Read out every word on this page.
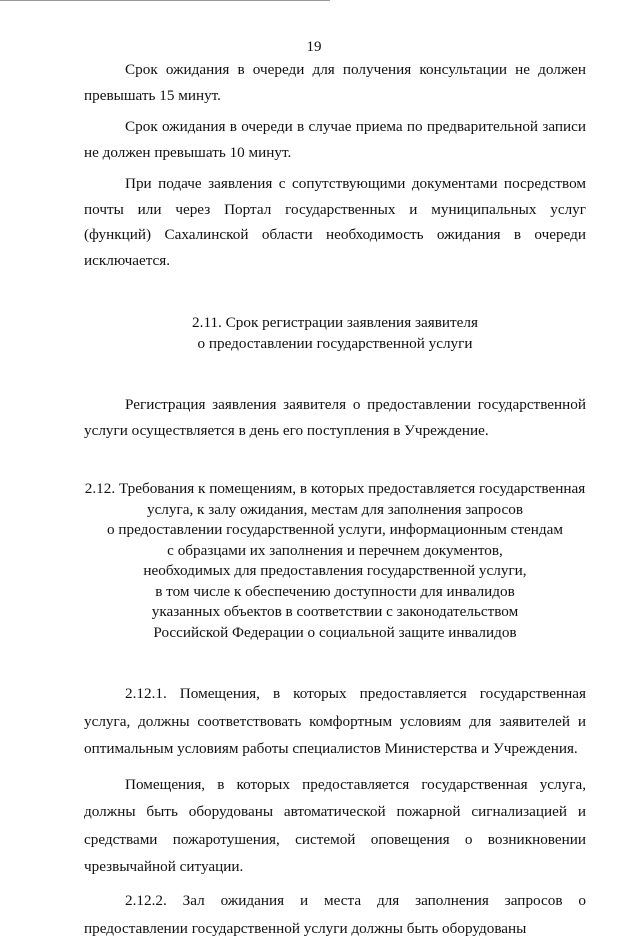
19

Срок ожидания в очереди для получения консультации не должен превышать 15 минут.

Срок ожидания в очереди в случае приема по предварительной записи не должен превышать 10 минут.

При подаче заявления с сопутствующими документами посредством почты или через Портал государственных и муниципальных услуг (функций) Сахалинской области необходимость ожидания в очереди исключается.

2.11. Срок регистрации заявления заявителя
о предоставлении государственной услуги

Регистрация заявления заявителя о предоставлении государственной услуги осуществляется в день его поступления в Учреждение.

2.12. Требования к помещениям, в которых предоставляется государственная
услуга, к залу ожидания, местам для заполнения запросов
о предоставлении государственной услуги, информационным стендам
с образцами их заполнения и перечнем документов,
необходимых для предоставления государственной услуги,
в том числе к обеспечению доступности для инвалидов
указанных объектов в соответствии с законодательством
Российской Федерации о социальной защите инвалидов

2.12.1. Помещения, в которых предоставляется государственная услуга, должны соответствовать комфортным условиям для заявителей и оптимальным условиям работы специалистов Министерства и Учреждения.

Помещения, в которых предоставляется государственная услуга, должны быть оборудованы автоматической пожарной сигнализацией и средствами пожаротушения, системой оповещения о возникновении чрезвычайной ситуации.

2.12.2. Зал ожидания и места для заполнения запросов о предоставлении государственной услуги должны быть оборудованы
